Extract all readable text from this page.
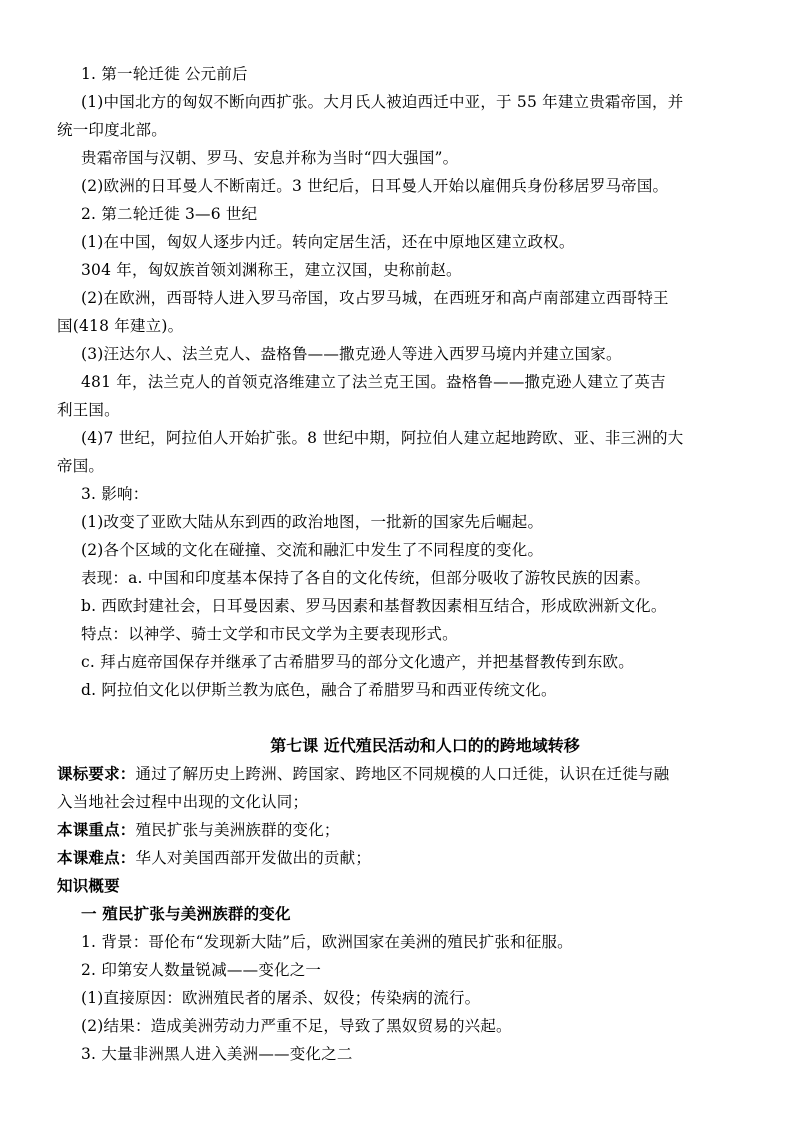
1. 第一轮迁徙 公元前后
(1)中国北方的匈奴不断向西扩张。大月氏人被迫西迁中亚，于 55 年建立贵霜帝国，并
统一印度北部。
贵霜帝国与汉朝、罗马、安息并称为当时“四大强国”。
(2)欧洲的日耳曼人不断南迁。3 世纪后，日耳曼人开始以雇佣兵身份移居罗马帝国。
2. 第二轮迁徙 3—6 世纪
(1)在中国，匈奴人逐步内迁。转向定居生活，还在中原地区建立政权。
304 年，匈奴族首领刘渊称王，建立汉国，史称前赵。
(2)在欧洲，西哥特人进入罗马帝国，攻占罗马城，在西班牙和高卢南部建立西哥特王
国(418 年建立)。
(3)汪达尔人、法兰克人、盎格鲁——撒克逊人等进入西罗马境内并建立国家。
481 年，法兰克人的首领克洛维建立了法兰克王国。盎格鲁——撒克逊人建立了英吉
利王国。
(4)7 世纪，阿拉伯人开始扩张。8 世纪中期，阿拉伯人建立起地跨欧、亚、非三洲的大
帝国。
3. 影响：
(1)改变了亚欧大陆从东到西的政治地图，一批新的国家先后崛起。
(2)各个区域的文化在碰撞、交流和融汇中发生了不同程度的变化。
表现：a. 中国和印度基本保持了各自的文化传统，但部分吸收了游牧民族的因素。
b. 西欧封建社会，日耳曼因素、罗马因素和基督教因素相互结合，形成欧洲新文化。
特点：以神学、骑士文学和市民文学为主要表现形式。
c. 拜占庭帝国保存并继承了古希腊罗马的部分文化遗产，并把基督教传到东欧。
d. 阿拉伯文化以伊斯兰教为底色，融合了希腊罗马和西亚传统文化。
第七课 近代殖民活动和人口的的跨地域转移
课标要求：通过了解历史上跨洲、跨国家、跨地区不同规模的人口迁徙，认识在迁徙与融
入当地社会过程中出现的文化认同；
本课重点：殖民扩张与美洲族群的变化；
本课难点：华人对美国西部开发做出的贡献；
知识概要
一 殖民扩张与美洲族群的变化
1. 背景：哥伦布“发现新大陆”后，欧洲国家在美洲的殖民扩张和征服。
2. 印第安人数量锐减——变化之一
(1)直接原因：欧洲殖民者的屠杀、奴役；传染病的流行。
(2)结果：造成美洲劳动力严重不足，导致了黑奴贸易的兴起。
3. 大量非洲黑人进入美洲——变化之二
